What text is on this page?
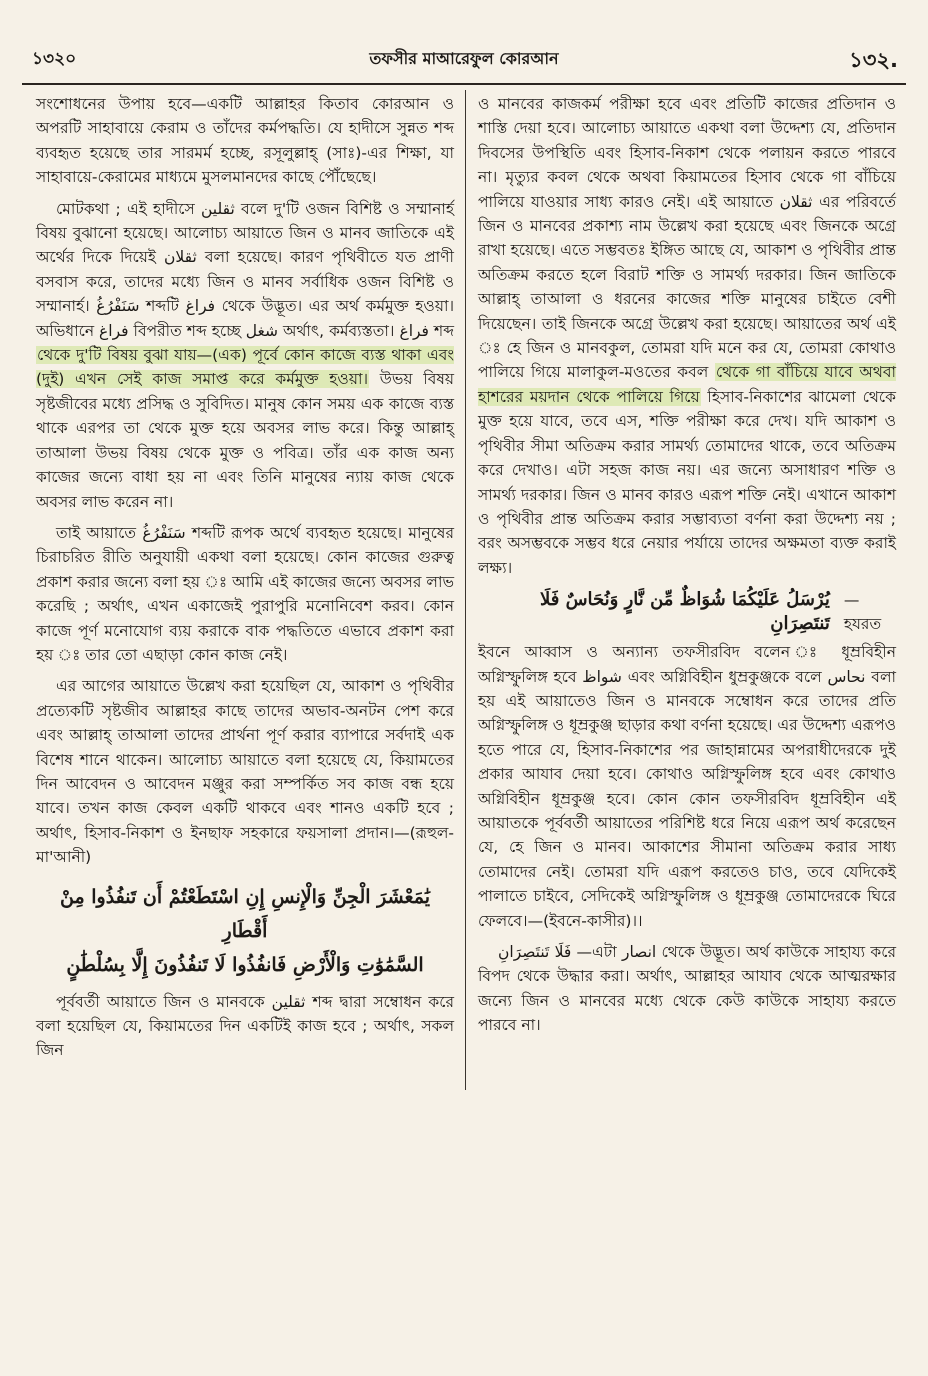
১৩২০	তফসীর মাআরেফুল কোরআন	১৩২.

সংশোধনের উপায় হবে—একটি আল্লাহর কিতাব কোরআন ও অপরটি সাহাবায়ে কেরাম ও তাঁদের কর্মপদ্ধতি। যে হাদীসে সুন্নত শব্দ ব্যবহৃত হয়েছে তার সারমর্ম হচ্ছে, রসূলুল্লাহ্ (সাঃ)-এর শিক্ষা, যা সাহাবায়ে-কেরামের মাধ্যমে মুসলমানদের কাছে পৌঁছেছে।

মোটকথা ; এই হাদীসে ثقلين বলে দু'টি ওজন বিশিষ্ট ও সম্মানার্হ বিষয় বুঝানো হয়েছে। আলোচ্য আয়াতে জিন ও মানব জাতিকে এই অর্থের দিকে দিয়েই ثقلان বলা হয়েছে। কারণ পৃথিবীতে যত প্রাণী বসবাস করে, তাদের মধ্যে জিন ও মানব সর্বাধিক ওজন বিশিষ্ট ও সম্মানার্হ। سَنَفْرُغُ শব্দটি فراغ থেকে উদ্ভূত। এর অর্থ কর্মমুক্ত হওয়া। অভিধানে فراغ বিপরীত শব্দ হচ্ছে شغل অর্থাৎ, কর্মব্যস্ততা। فراغ শব্দ থেকে দু'টি বিষয় বুঝা যায়—(এক) পূর্বে কোন কাজে ব্যস্ত থাকা এবং (দুই) এখন সেই কাজ সমাপ্ত করে কর্মমুক্ত হওয়া। উভয় বিষয় সৃষ্টজীবের মধ্যে প্রসিদ্ধ ও সুবিদিত। মানুষ কোন সময় এক কাজে ব্যস্ত থাকে এরপর তা থেকে মুক্ত হয়ে অবসর লাভ করে। কিন্তু আল্লাহ্ তাআলা উভয় বিষয় থেকে মুক্ত ও পবিত্র। তাঁর এক কাজ অন্য কাজের জন্যে বাধা হয় না এবং তিনি মানুষের ন্যায় কাজ থেকে অবসর লাভ করেন না।

তাই আয়াতে سَنَفْرُغُ শব্দটি রূপক অর্থে ব্যবহৃত হয়েছে। মানুষের চিরাচরিত রীতি অনুযায়ী একথা বলা হয়েছে। কোন কাজের গুরুত্ব প্রকাশ করার জন্যে বলা হয় ঃ আমি এই কাজের জন্যে অবসর লাভ করেছি ; অর্থাৎ, এখন একাজেই পুরাপুরি মনোনিবেশ করব। কোন কাজে পূর্ণ মনোযোগ ব্যয় করাকে বাক পদ্ধতিতে এভাবে প্রকাশ করা হয় ঃ তার তো এছাড়া কোন কাজ নেই।

এর আগের আয়াতে উল্লেখ করা হয়েছিল যে, আকাশ ও পৃথিবীর প্রত্যেকটি সৃষ্টজীব আল্লাহর কাছে তাদের অভাব-অনটন পেশ করে এবং আল্লাহ্ তাআলা তাদের প্রার্থনা পূর্ণ করার ব্যাপারে সর্বদাই এক বিশেষ শানে থাকেন। আলোচ্য আয়াতে বলা হয়েছে যে, কিয়ামতের দিন আবেদন ও আবেদন মঞ্জুর করা সম্পর্কিত সব কাজ বন্ধ হয়ে যাবে। তখন কাজ কেবল একটি থাকবে এবং শানও একটি হবে ; অর্থাৎ, হিসাব-নিকাশ ও ইনছাফ সহকারে ফয়সালা প্রদান।—(রূহুল-মা'আনী)

يَٰمَعْشَرَ الْجِنِّ وَالْإِنسِ إِنِ اسْتَطَعْتُمْ أَن تَنفُذُوا مِنْ أَقْطَارِ
السَّمَٰوَٰتِ وَالْأَرْضِ فَانفُذُوا لَا تَنفُذُونَ إِلَّا بِسُلْطَٰنٍ

পূর্ববর্তী আয়াতে জিন ও মানবকে ثقلين শব্দ দ্বারা সম্বোধন করে বলা হয়েছিল যে, কিয়ামতের দিন একটিই কাজ হবে ; অর্থাৎ, সকল জিন

ও মানবের কাজকর্ম পরীক্ষা হবে এবং প্রতিটি কাজের প্রতিদান ও শাস্তি দেয়া হবে। আলোচ্য আয়াতে একথা বলা উদ্দেশ্য যে, প্রতিদান দিবসের উপস্থিতি এবং হিসাব-নিকাশ থেকে পলায়ন করতে পারবে না। মৃত্যুর কবল থেকে অথবা কিয়ামতের হিসাব থেকে গা বাঁচিয়ে পালিয়ে যাওয়ার সাধ্য কারও নেই। এই আয়াতে ثقلان এর পরিবর্তে জিন ও মানবের প্রকাশ্য নাম উল্লেখ করা হয়েছে এবং জিনকে অগ্রে রাখা হয়েছে। এতে সম্ভবতঃ ইঙ্গিত আছে যে, আকাশ ও পৃথিবীর প্রান্ত অতিক্রম করতে হলে বিরাট শক্তি ও সামর্থ্য দরকার। জিন জাতিকে আল্লাহ্ তাআলা ও ধরনের কাজের শক্তি মানুষের চাইতে বেশী দিয়েছেন। তাই জিনকে অগ্রে উল্লেখ করা হয়েছে। আয়াতের অর্থ এই ঃ হে জিন ও মানবকুল, তোমরা যদি মনে কর যে, তোমরা কোথাও পালিয়ে গিয়ে মালাকুল-মওতের কবল থেকে গা বাঁচিয়ে যাবে অথবা হাশরের ময়দান থেকে পালিয়ে গিয়ে হিসাব-নিকাশের ঝামেলা থেকে মুক্ত হয়ে যাবে, তবে এস, শক্তি পরীক্ষা করে দেখ। যদি আকাশ ও পৃথিবীর সীমা অতিক্রম করার সামর্থ্য তোমাদের থাকে, তবে অতিক্রম করে দেখাও। এটা সহজ কাজ নয়। এর জন্যে অসাধারণ শক্তি ও সামর্থ্য দরকার। জিন ও মানব কারও এরূপ শক্তি নেই। এখানে আকাশ ও পৃথিবীর প্রান্ত অতিক্রম করার সম্ভাব্যতা বর্ণনা করা উদ্দেশ্য নয় ; বরং অসম্ভবকে সম্ভব ধরে নেয়ার পর্যায়ে তাদের অক্ষমতা ব্যক্ত করাই লক্ষ্য।

يُرْسَلُ عَلَيْكُمَا شُوَاظٌ مِّن نَّارٍ وَنُحَاسٌ فَلَا تَنتَصِرَانِ
—হযরত

ইবনে আব্বাস ও অন্যান্য তফসীরবিদ বলেন ঃ ধূম্রবিহীন অগ্নিস্ফুলিঙ্গ হবে شواظ এবং অগ্নিবিহীন ধুম্রকুঞ্জকে বলে نحاس বলা হয় এই আয়াতেও জিন ও মানবকে সম্বোধন করে তাদের প্রতি অগ্নিস্ফুলিঙ্গ ও ধূম্রকুঞ্জ ছাড়ার কথা বর্ণনা হয়েছে। এর উদ্দেশ্য এরূপও হতে পারে যে, হিসাব-নিকাশের পর জাহান্নামের অপরাধীদেরকে দুই প্রকার আযাব দেয়া হবে। কোথাও অগ্নিস্ফুলিঙ্গ হবে এবং কোথাও অগ্নিবিহীন ধূম্রকুঞ্জ হবে। কোন কোন তফসীরবিদ ধূম্রবিহীন এই আয়াতকে পূর্ববর্তী আয়াতের পরিশিষ্ট ধরে নিয়ে এরূপ অর্থ করেছেন যে, হে জিন ও মানব। আকাশের সীমানা অতিক্রম করার সাধ্য তোমাদের নেই। তোমরা যদি এরূপ করতেও চাও, তবে যেদিকেই পালাতে চাইবে, সেদিকেই অগ্নিস্ফুলিঙ্গ ও ধূম্রকুঞ্জ তোমাদেরকে ঘিরে ফেলবে।—(ইবনে-কাসীর)।।

فَلَا تَنتَصِرَانِ —এটা انصار থেকে উদ্ভূত। অর্থ কাউকে সাহায্য করে বিপদ থেকে উদ্ধার করা। অর্থাৎ, আল্লাহর আযাব থেকে আত্মরক্ষার জন্যে জিন ও মানবের মধ্যে থেকে কেউ কাউকে সাহায্য করতে পারবে না।
